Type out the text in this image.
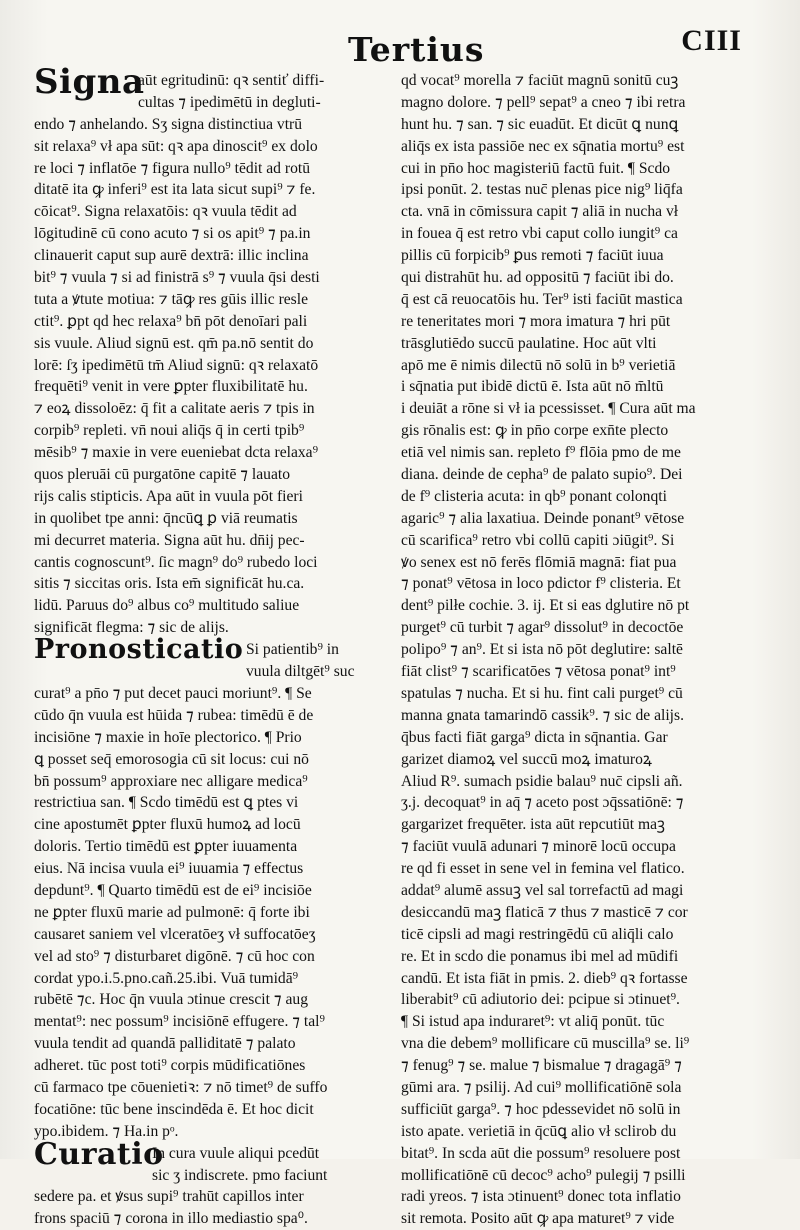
Tertius	CIII
Signa
aūt egritudinū: qꝛ sentiť diffi-
cultas ⁊ ipedimētū in degluti-
endo ⁊ anhelando. Sʒ signa distinctiua vtrū
sit relaxa⁹ vł apa sūt: qꝛ apa dinoscit⁹ ex dolo
re loci ⁊ inflatōe ⁊ figura nullo⁹ tēdit ad rotū
ditatē ita ꝙ inferi⁹ est ita lata sicut supi⁹ ⁊ fe.
cōicat⁹. Signa relaxatōis: qꝛ vuula tēdit ad
lōgitudinē cū cono acuto ⁊ si os apit⁹ ⁊ pa.in
clinauerit caput sup aurē dextrā: illic inclina
bit⁹ ⁊ vuula ⁊ si ad finistrā s⁹ ⁊ vuula q̄si desti
tuta a ꝟtute motiua: ⁊ tāꝙ res gūis illic resle
ctit⁹. ꝑpt qd hec relaxa⁹ bn̄ pōt denoīari pali
sis vuule. Aliud signū est. qm̄ pa.nō sentit do
lorē: ſʒ ipedimētū tm̄ Aliud signū: qꝛ relaxatō
frequēti⁹ venit in vere ꝑpter fluxibilitatē hu.
⁊ eoꝝ dissoloēz: q̄ fit a calitate aeris ⁊ tpis in
corpib⁹ repleti. vn̄ noui aliq̄s q̄ in certi tpib⁹
mēsib⁹ ⁊ maxie in vere eueniebat dcta relaxa⁹
quos pleruāi cū purgatōne capitē ⁊ lauato
rijs calis stipticis. Apa aūt in vuula pōt fieri
in quolibet tpe anni: q̄ncūꝗ ꝑ viā reumatis
mi decurret materia. Signa aūt hu. dn̄ij pec-
cantis cognoscunt⁹. ſic magn⁹ do⁹ rubedo loci
sitis ⁊ siccitas oris. Ista em̄ significāt hu.ca.
lidū. Paruus do⁹ albus co⁹ multitudo saliue
significāt flegma: ⁊ sic de alijs.
Pronosticatio Si patientib⁹ in
vuula diltgēt⁹ suc
curat⁹ a pn̄o ⁊ put decet pauci moriunt⁹. ¶ Se
cūdo q̄n vuula est hūida ⁊ rubea: timēdū ē de
incisiōne ⁊ maxie in hoīe plectorico. ¶ Prio
ꝗ posset seq̄ emorosogia cū sit locus: cui nō
bn̄ possum⁹ approxiare nec alligare medica⁹
restrictiua san. ¶ Scdo timēdū est ꝗ ptes vi
cine apostumēt ꝑpter fluxū humoꝝ ad locū
doloris. Tertio timēdū est ꝑpter iuuamenta
eius. Nā incisa vuula ei⁹ iuuamia ⁊ effectus
depdunt⁹. ¶ Quarto timēdū est de ei⁹ incisiōe
ne ꝑpter fluxū marie ad pulmonē: q̄ forte ibi
causaret saniem vel vlceratōeʒ vł suffocatōeʒ
vel ad sto⁹ ⁊ disturbaret digōnē. ⁊ cū hoc con
cordat ypo.i.5.pno.cañ.25.ibi. Vuā tumidā⁹
rubētē ⁊c. Hoc q̄n vuula ɔtinue crescit ⁊ aug
mentat⁹: nec possum⁹ incisiōnē effugere. ⁊ tal⁹
vuula tendit ad quandā palliditatē ⁊ palato
adheret. tūc post toti⁹ corpis mūdificatiōnes
cū farmaco tpe cōuenietiꝛ: ⁊ nō timet⁹ de suffo
focatiōne: tūc bene inscindēda ē. Et hoc dicit
ypo.ibidem. ⁊ Ha.in pᵒ.
Curatio
In cura vuule aliqui pcedūt
sic ʒ indiscrete. pmo faciunt
sedere pa. et ꝟsus supi⁹ trahūt capillos inter
frons spaciū ⁊ corona in illo mediastio spa⁰.
qd vocat⁹ morella ⁊ faciūt magnū sonitū cuꝫ
magno dolore. ⁊ pell⁹ sepat⁹ a cneo ⁊ ibi retra
hunt hu. ⁊ san. ⁊ sic euadūt. Et dicūt ꝗ nunꝗ
aliq̄s ex ista passiōe nec ex sq̄natia mortu⁹ est
cui in pn̄o hoc magisteriū factū fuit. ¶ Scdo
ipsi ponūt. 2. testas nuc̄ plenas pice nig⁹ liq̄fa
cta. vnā in cōmissura capit ⁊ aliā in nucha vł
in fouea q̄ est retro vbi caput collo iungit⁹ ca
pillis cū forpicib⁹ ꝑus remoti ⁊ faciūt iuua
qui distrahūt hu. ad oppositū ⁊ faciūt ibi do.
q̄ est cā reuocatōis hu. Ter⁹ isti faciūt mastica
re teneritates mori ⁊ mora imatura ⁊ hri pūt
trāsglutiēdo succū paulatine. Hoc aūt vlti
apō me ē nimis dilectū nō solū in b⁹ verietiā
i sq̄natia put ibidē dictū ē. Ista aūt nō m̄ltū
i deuiāt a rōne si vł ia pcessisset. ¶ Cura aūt ma
gis rōnalis est: ꝙ in pn̄o corpe exn̄te plecto
etiā vel nimis san. repleto f⁹ flōia pmo de me
diana. deinde de cepha⁹ de palato supio⁹. Dei
de f⁹ clisteria acuta: in qb⁹ ponant colonqti
agaric⁹ ⁊ alia laxatiua. Deinde ponant⁹ vētose
cū scarifica⁹ retro vbi collū capiti ɔiūgit⁹. Si
ꝟo senex est nō ferēs flōmiā magnā: fiat pua
⁊ ponat⁹ vētosa in loco pdictor f⁹ clisteria. Et
dent⁹ pilłe cochie. 3. ij. Et si eas dglutire nō pt
purget⁹ cū turbit ⁊ agar⁹ dissolut⁹ in decoctōe
polipo⁹ ⁊ an⁹. Et si ista nō pōt deglutire: saltē
fiāt clist⁹ ⁊ scarificatōes ⁊ vētosa ponat⁹ int⁹
spatulas ⁊ nucha. Et si hu. fint cali purget⁹ cū
manna gnata tamarindō cassik⁹. ⁊ sic de alijs.
q̄bus facti fiāt garga⁹ dicta in sq̄nantia. Gar
garizet diamoꝝ vel succū moꝝ imaturoꝝ
Aliud R⁹. sumach psidie balau⁹ nuc̄ cipsli añ.
ʒ.j. decoquat⁹ in aq̄ ⁊ aceto post ɔq̄ssatiōnē: ⁊
gargarizet frequēter. ista aūt repcutiūt maꝫ
⁊ faciūt vuulā adunari ⁊ minorē locū occupa
re qd fi esset in sene vel in femina vel flatico.
addat⁹ alumē assuꝫ vel sal torrefactū ad magi
desiccandū maꝫ flaticā ⁊ thus ⁊ masticē ⁊ cor
ticē cipsli ad magi restringēdū cū aliq̄li calo
re. Et in scdo die ponamus ibi mel ad mūdifi
candū. Et ista fiāt in pmis. 2. dieb⁹ qꝛ fortasse
liberabit⁹ cū adiutorio dei: pcipue si ɔtinuet⁹.
¶ Si istud apa induraret⁹: vt aliq̄ ponūt. tūc
vna die debem⁹ mollificare cū muscilla⁹ se. li⁹
⁊ fenug⁹ ⁊ se. malue ⁊ bismalue ⁊ dragagā⁹ ⁊
gūmi ara. ⁊ psilij. Ad cui⁹ mollificatiōnē sola
sufficiūt garga⁹. ⁊ hoc pdessevidet nō solū in
isto apate. verietiā in q̄cūꝗ alio vł sclirob du
bitat⁹. In scda aūt die possum⁹ resoluere post
mollificatiōnē cū decoc⁹ acho⁹ pulegij ⁊ psilli
radi yreos. ⁊ ista ɔtinuent⁹ donec tota inflatio
sit remota. Posito aūt ꝙ apa maturet⁹ ⁊ vide
